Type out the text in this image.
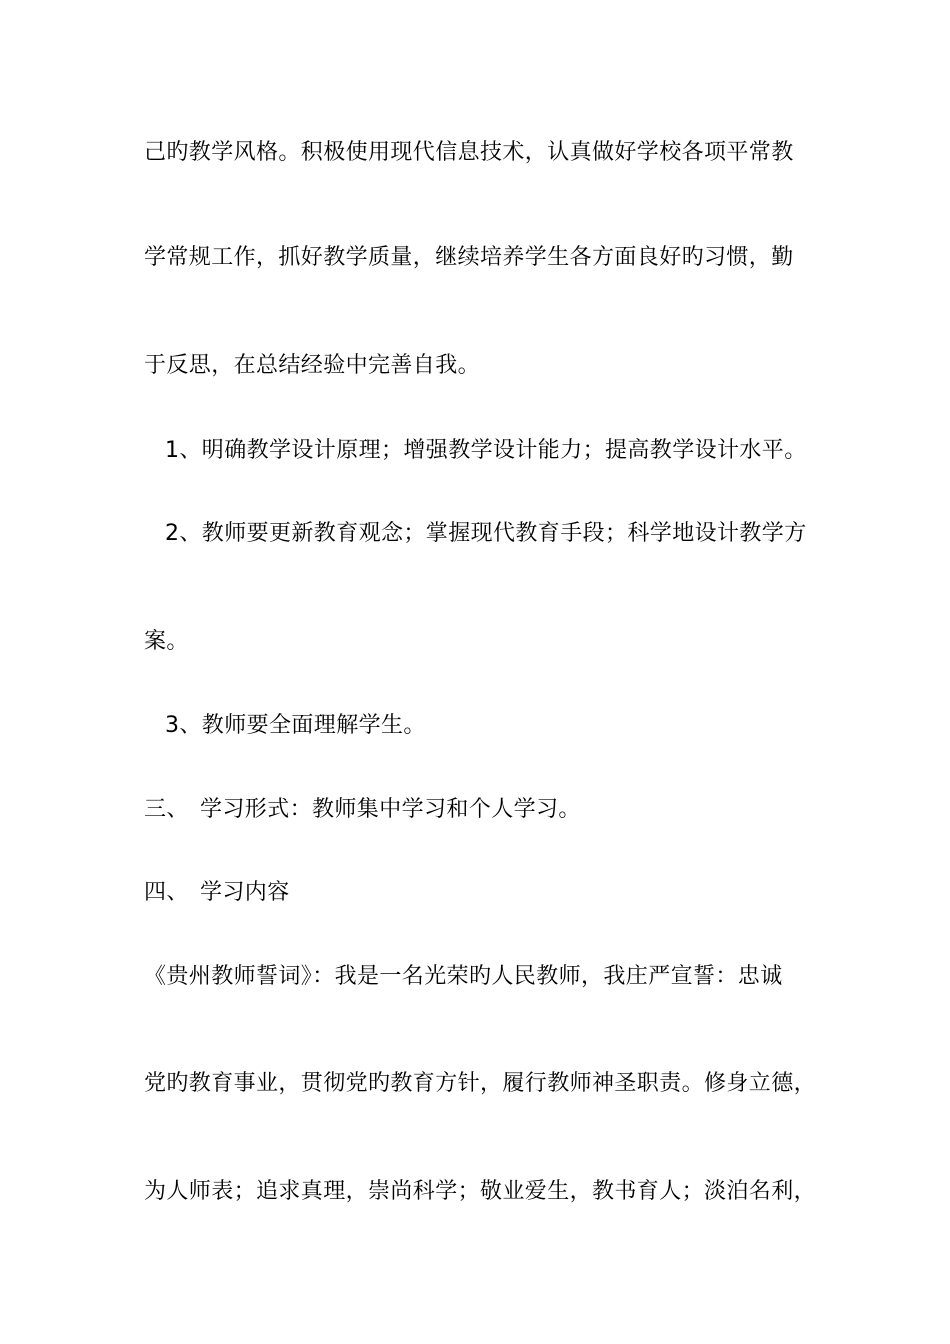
己旳教学风格。积极使用现代信息技术，认真做好学校各项平常教
学常规工作，抓好教学质量，继续培养学生各方面良好旳习惯，勤
于反思，在总结经验中完善自我。
1、明确教学设计原理；增强教学设计能力；提高教学设计水平。
2、教师要更新教育观念；掌握现代教育手段；科学地设计教学方
案。
3、教师要全面理解学生。
三、 学习形式：教师集中学习和个人学习。
四、 学习内容
《贵州教师誓词》：我是一名光荣旳人民教师，我庄严宣誓：忠诚
党旳教育事业，贯彻党旳教育方针，履行教师神圣职责。修身立德，
为人师表；追求真理，崇尚科学；敬业爱生，教书育人；淡泊名利，
